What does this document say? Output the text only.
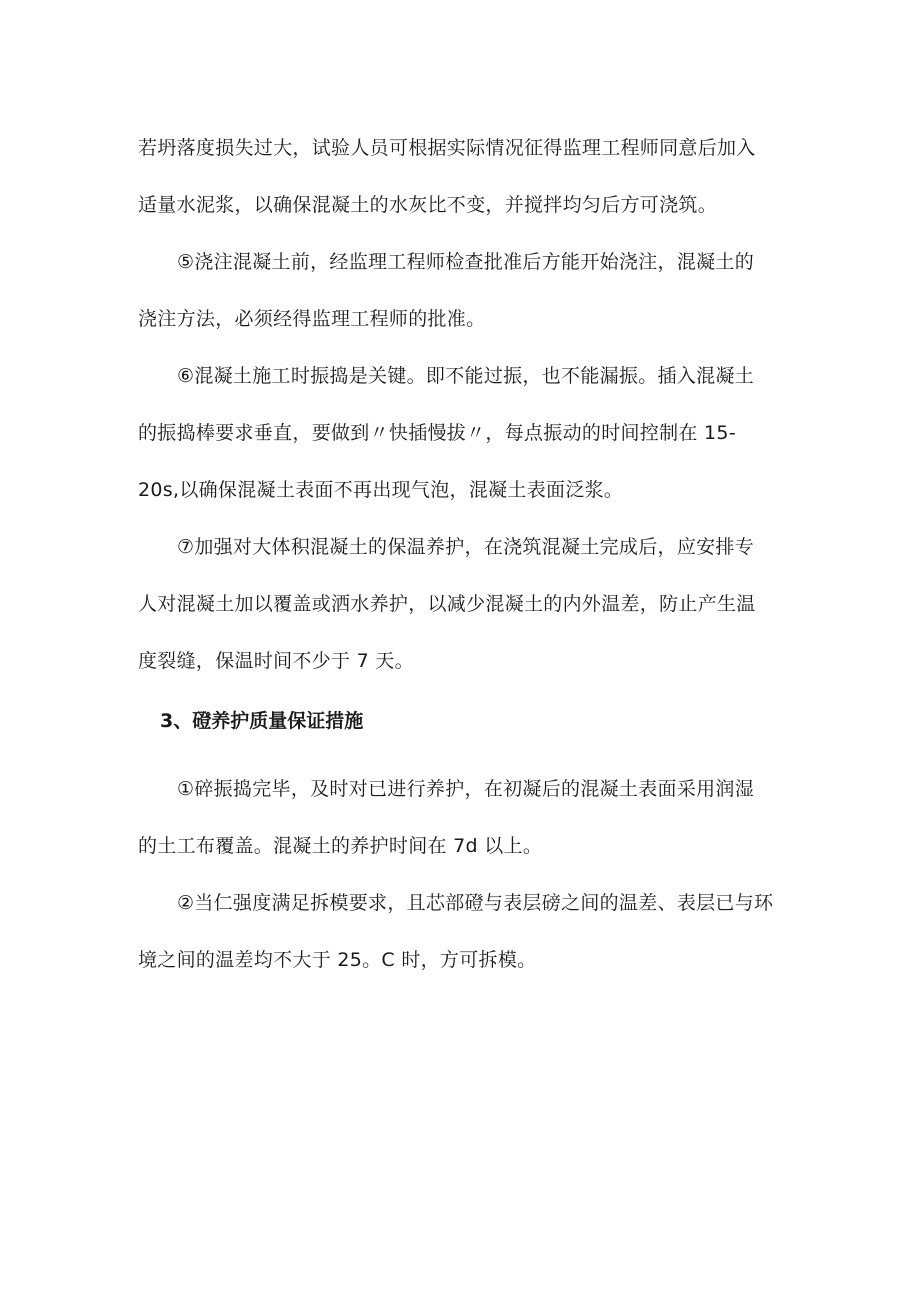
若坍落度损失过大，试验人员可根据实际情况征得监理工程师同意后加入
适量水泥浆，以确保混凝土的水灰比不变，并搅拌均匀后方可浇筑。
⑤浇注混凝土前，经监理工程师检查批准后方能开始浇注，混凝土的
浇注方法，必须经得监理工程师的批准。
⑥混凝土施工时振捣是关键。即不能过振，也不能漏振。插入混凝土
的振捣棒要求垂直，要做到〃快插慢拔〃，每点振动的时间控制在 15-
20s,以确保混凝土表面不再出现气泡，混凝土表面泛浆。
⑦加强对大体积混凝土的保温养护，在浇筑混凝土完成后，应安排专
人对混凝土加以覆盖或洒水养护，以减少混凝土的内外温差，防止产生温
度裂缝，保温时间不少于 7 天。
3、磴养护质量保证措施
①碎振捣完毕，及时对已进行养护，在初凝后的混凝土表面采用润湿
的土工布覆盖。混凝土的养护时间在 7d 以上。
②当仁强度满足拆模要求，且芯部磴与表层磅之间的温差、表层已与环
境之间的温差均不大于 25。C 时，方可拆模。
